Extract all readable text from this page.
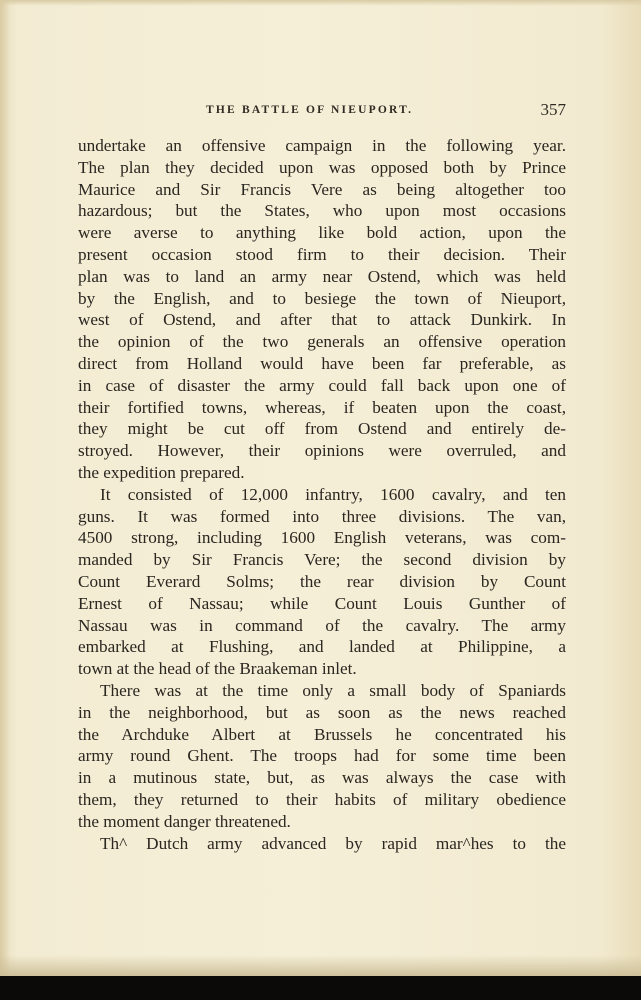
THE BATTLE OF NIEUPORT.	357
undertake an offensive campaign in the following year.
The plan they decided upon was opposed both by Prince
Maurice and Sir Francis Vere as being altogether too
hazardous; but the States, who upon most occasions
were averse to anything like bold action, upon the
present occasion stood firm to their decision. Their
plan was to land an army near Ostend, which was held
by the English, and to besiege the town of Nieuport,
west of Ostend, and after that to attack Dunkirk. In
the opinion of the two generals an offensive operation
direct from Holland would have been far preferable, as
in case of disaster the army could fall back upon one of
their fortified towns, whereas, if beaten upon the coast,
they might be cut off from Ostend and entirely de-
stroyed. However, their opinions were overruled, and
the expedition prepared.
It consisted of 12,000 infantry, 1600 cavalry, and ten
guns. It was formed into three divisions. The van,
4500 strong, including 1600 English veterans, was com-
manded by Sir Francis Vere; the second division by
Count Everard Solms; the rear division by Count
Ernest of Nassau; while Count Louis Gunther of
Nassau was in command of the cavalry. The army
embarked at Flushing, and landed at Philippine, a
town at the head of the Braakeman inlet.
There was at the time only a small body of Spaniards
in the neighborhood, but as soon as the news reached
the Archduke Albert at Brussels he concentrated his
army round Ghent. The troops had for some time been
in a mutinous state, but, as was always the case with
them, they returned to their habits of military obedience
the moment danger threatened.
Th^ Dutch army advanced by rapid mar^hes to the
